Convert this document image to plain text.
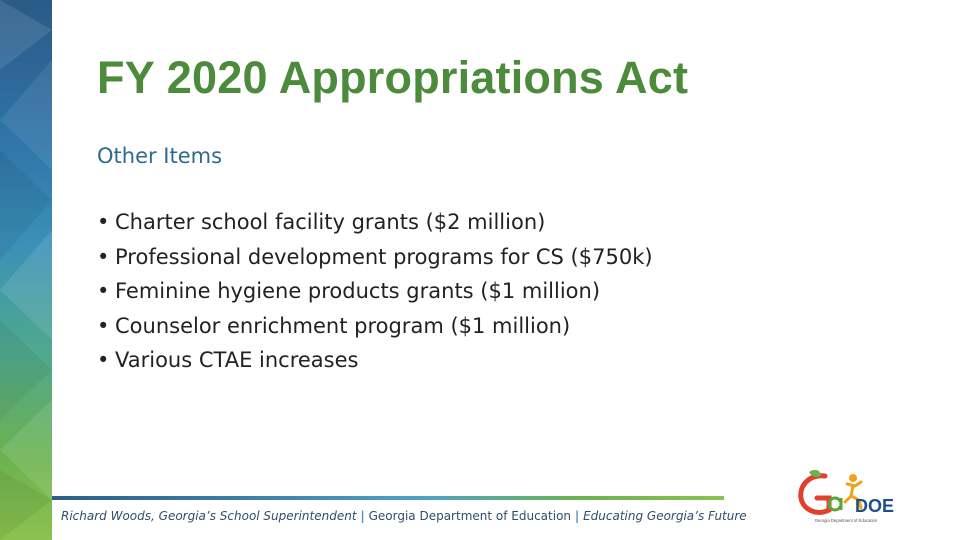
FY 2020 Appropriations Act
Other Items
• Charter school facility grants ($2 million)
• Professional development programs for CS ($750k)
• Feminine hygiene products grants ($1 million)
• Counselor enrichment program ($1 million)
• Various CTAE increases
Richard Woods, Georgia’s School Superintendent | Georgia Department of Education | Educating Georgia’s Future	DOE
Georgia Department of Education
